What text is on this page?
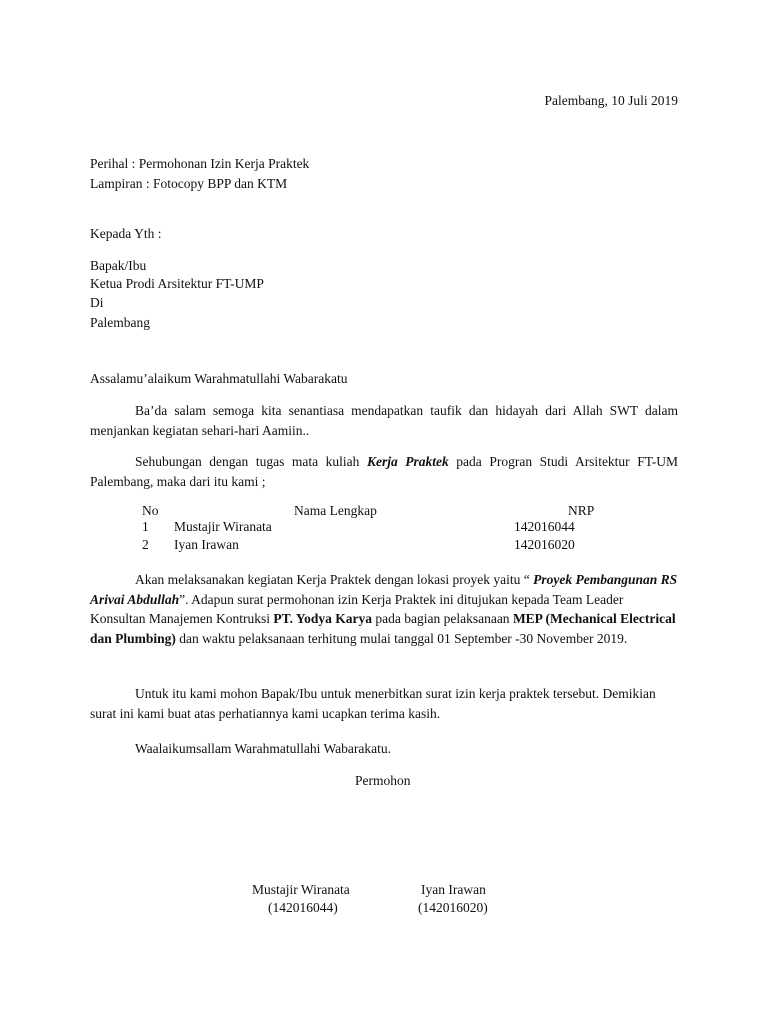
Palembang, 10 Juli 2019
Perihal : Permohonan Izin Kerja Praktek
Lampiran : Fotocopy BPP dan KTM
Kepada Yth :
Bapak/Ibu
Ketua Prodi Arsitektur FT-UMP
Di
Palembang
Assalamu’alaikum Warahmatullahi Wabarakatu
Ba’da salam semoga kita senantiasa mendapatkan taufik dan hidayah dari Allah SWT dalam menjankan kegiatan sehari-hari Aamiin..
Sehubungan dengan tugas mata kuliah Kerja Praktek pada Progran Studi Arsitektur FT-UM Palembang, maka dari itu kami ;
No	Nama Lengkap	NRP
1 Mustajir Wiranata	142016044
2 Iyan Irawan	142016020
Akan melaksanakan kegiatan Kerja Praktek dengan lokasi proyek yaitu “ Proyek Pembangunan RS Arivai Abdullah”. Adapun surat permohonan izin Kerja Praktek ini ditujukan kepada Team Leader Konsultan Manajemen Kontruksi PT. Yodya Karya pada bagian pelaksanaan MEP (Mechanical Electrical dan Plumbing) dan waktu pelaksanaan terhitung mulai tanggal 01 September -30 November 2019.
Untuk itu kami mohon Bapak/Ibu untuk menerbitkan surat izin kerja praktek tersebut. Demikian surat ini kami buat atas perhatiannya kami ucapkan terima kasih.
Waalaikumsallam Warahmatullahi Wabarakatu.
Permohon
Mustajir Wiranata
(142016044)
Iyan Irawan
(142016020)
